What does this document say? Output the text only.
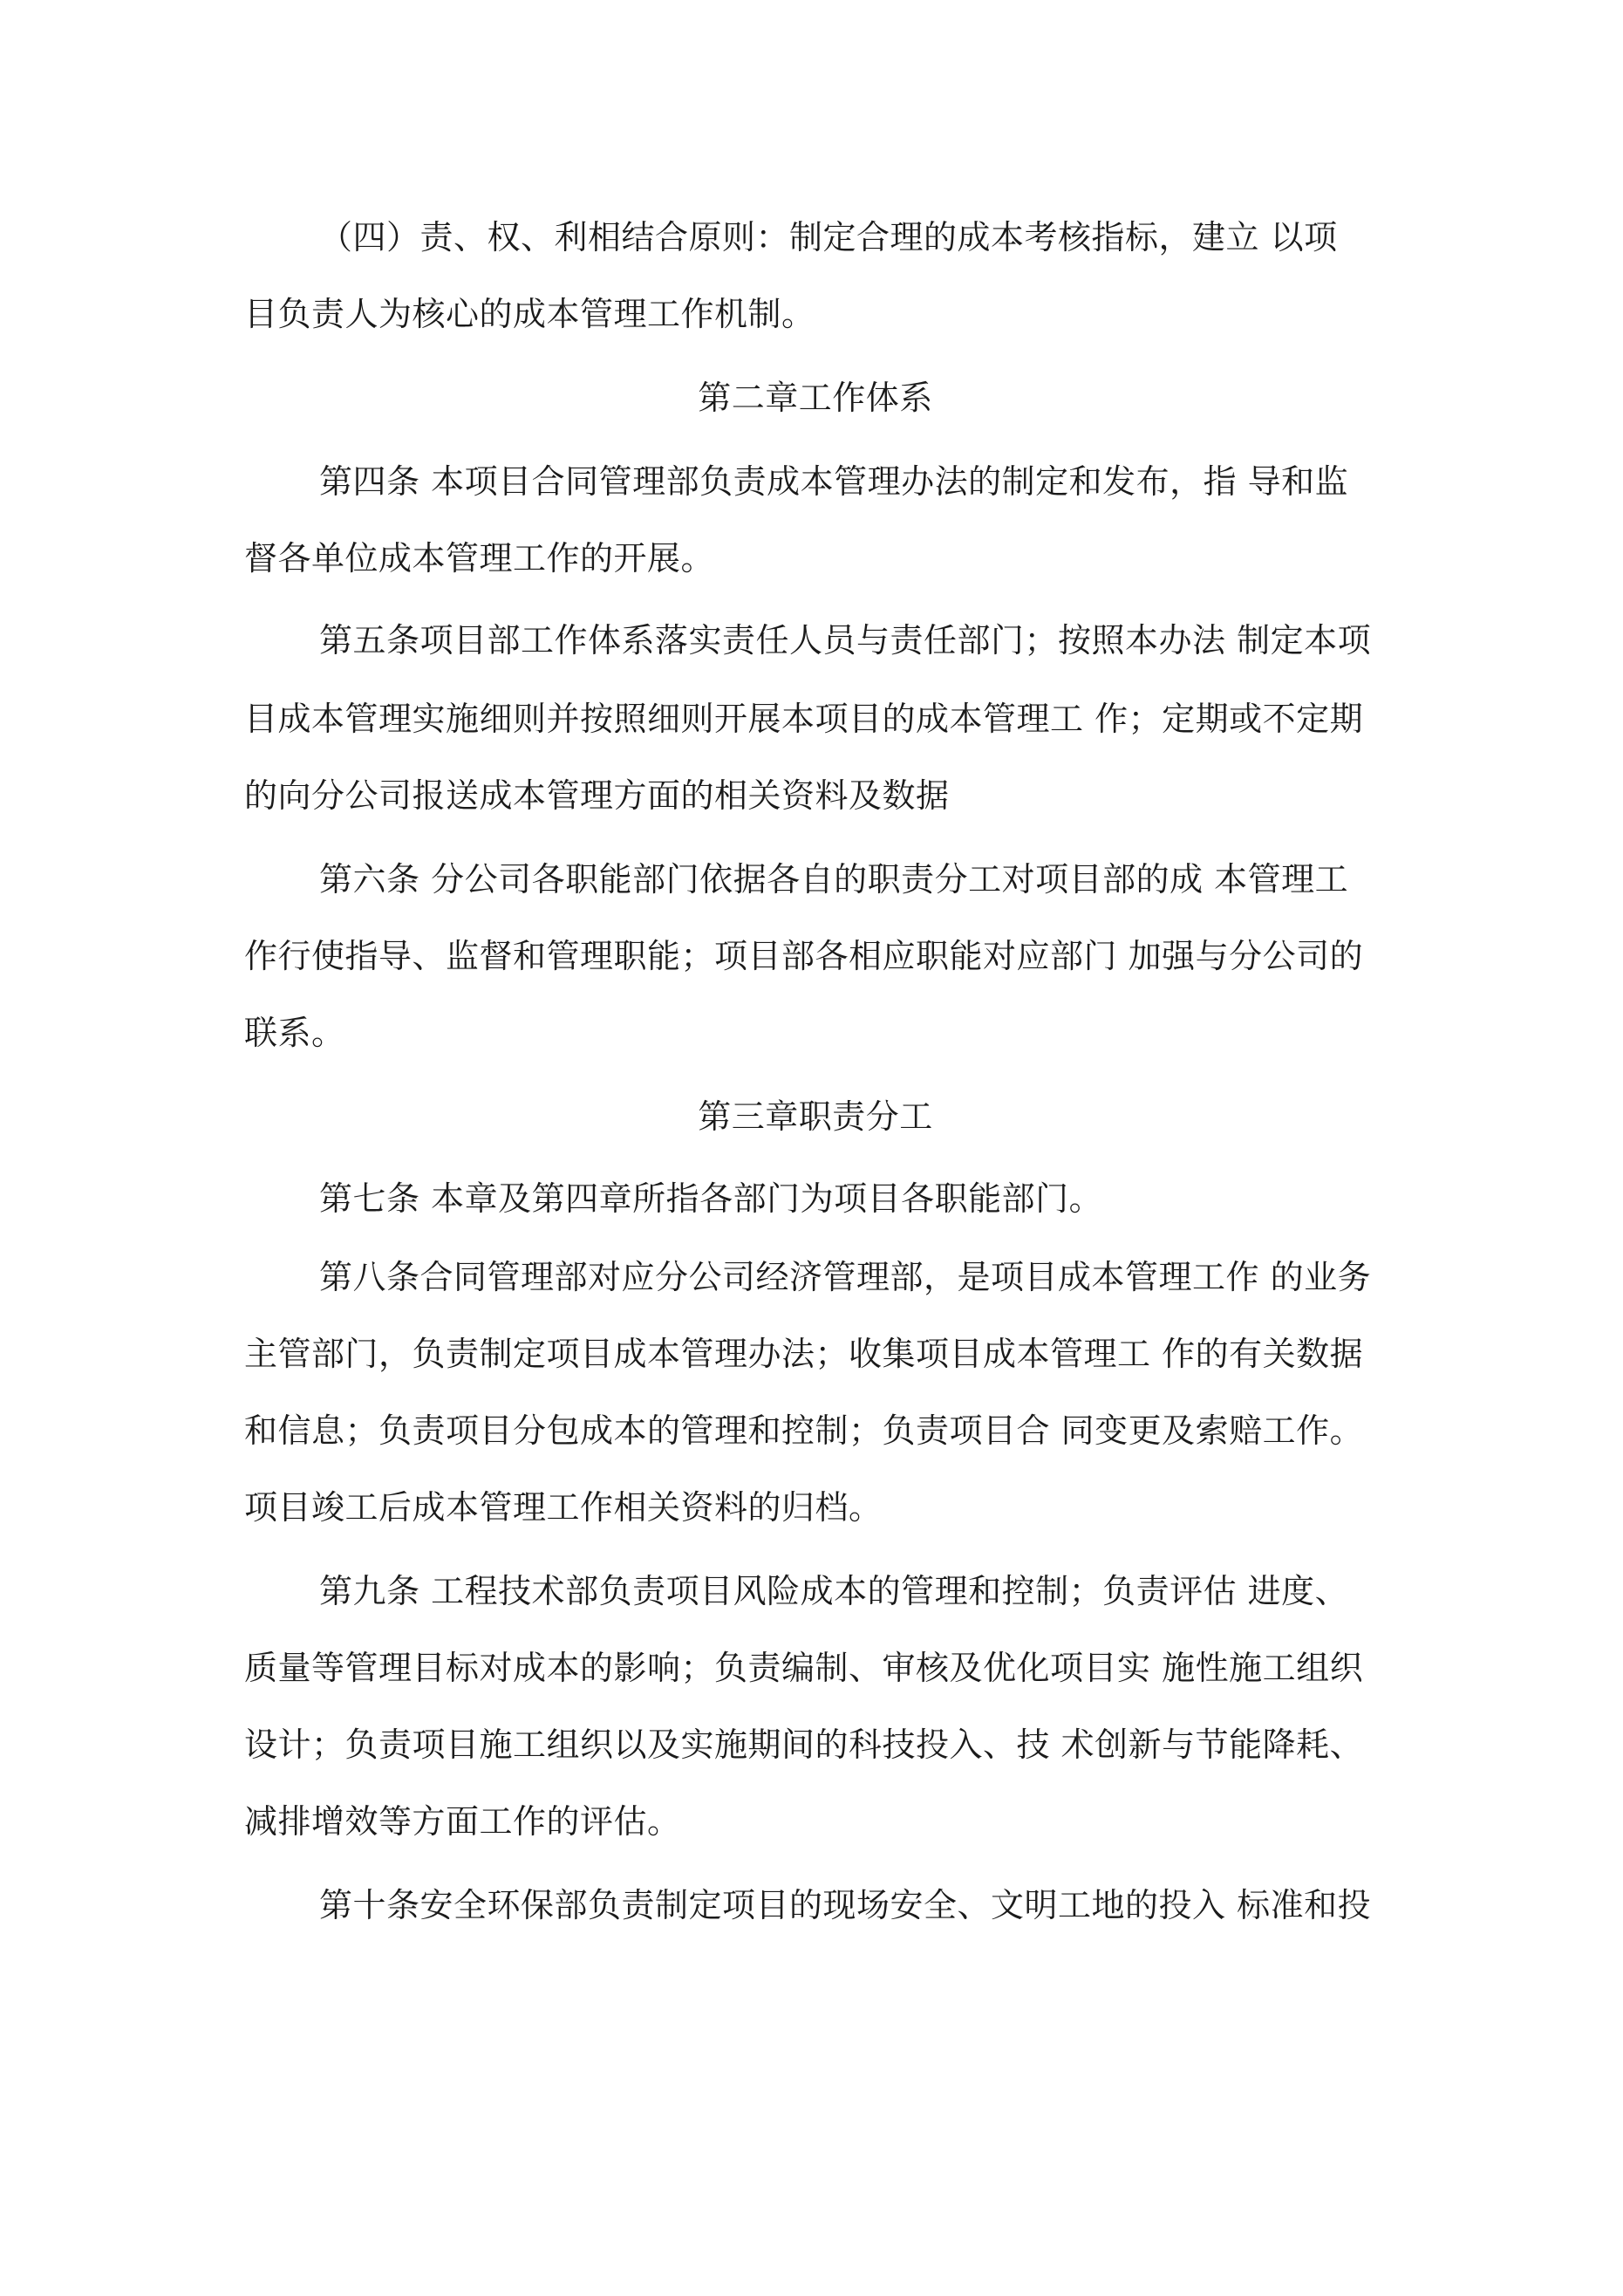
（四）责、权、利相结合原则：制定合理的成本考核指标，建立 以项
目负责人为核心的成本管理工作机制。
第二章工作体系
第四条 本项目合同管理部负责成本管理办法的制定和发布，指 导和监
督各单位成本管理工作的开展。
第五条项目部工作体系落实责任人员与责任部门；按照本办法 制定本项
目成本管理实施细则并按照细则开展本项目的成本管理工 作；定期或不定期
的向分公司报送成本管理方面的相关资料及数据
第六条 分公司各职能部门依据各自的职责分工对项目部的成 本管理工
作行使指导、监督和管理职能；项目部各相应职能对应部门 加强与分公司的
联系。
第三章职责分工
第七条 本章及第四章所指各部门为项目各职能部门。
第八条合同管理部对应分公司经济管理部，是项目成本管理工作 的业务
主管部门，负责制定项目成本管理办法；收集项目成本管理工 作的有关数据
和信息；负责项目分包成本的管理和控制；负责项目合 同变更及索赔工作。
项目竣工后成本管理工作相关资料的归档。
第九条 工程技术部负责项目风险成本的管理和控制；负责评估 进度、
质量等管理目标对成本的影响；负责编制、审核及优化项目实 施性施工组织
设计；负责项目施工组织以及实施期间的科技投入、技 术创新与节能降耗、
减排增效等方面工作的评估。
第十条安全环保部负责制定项目的现场安全、文明工地的投入 标准和投
